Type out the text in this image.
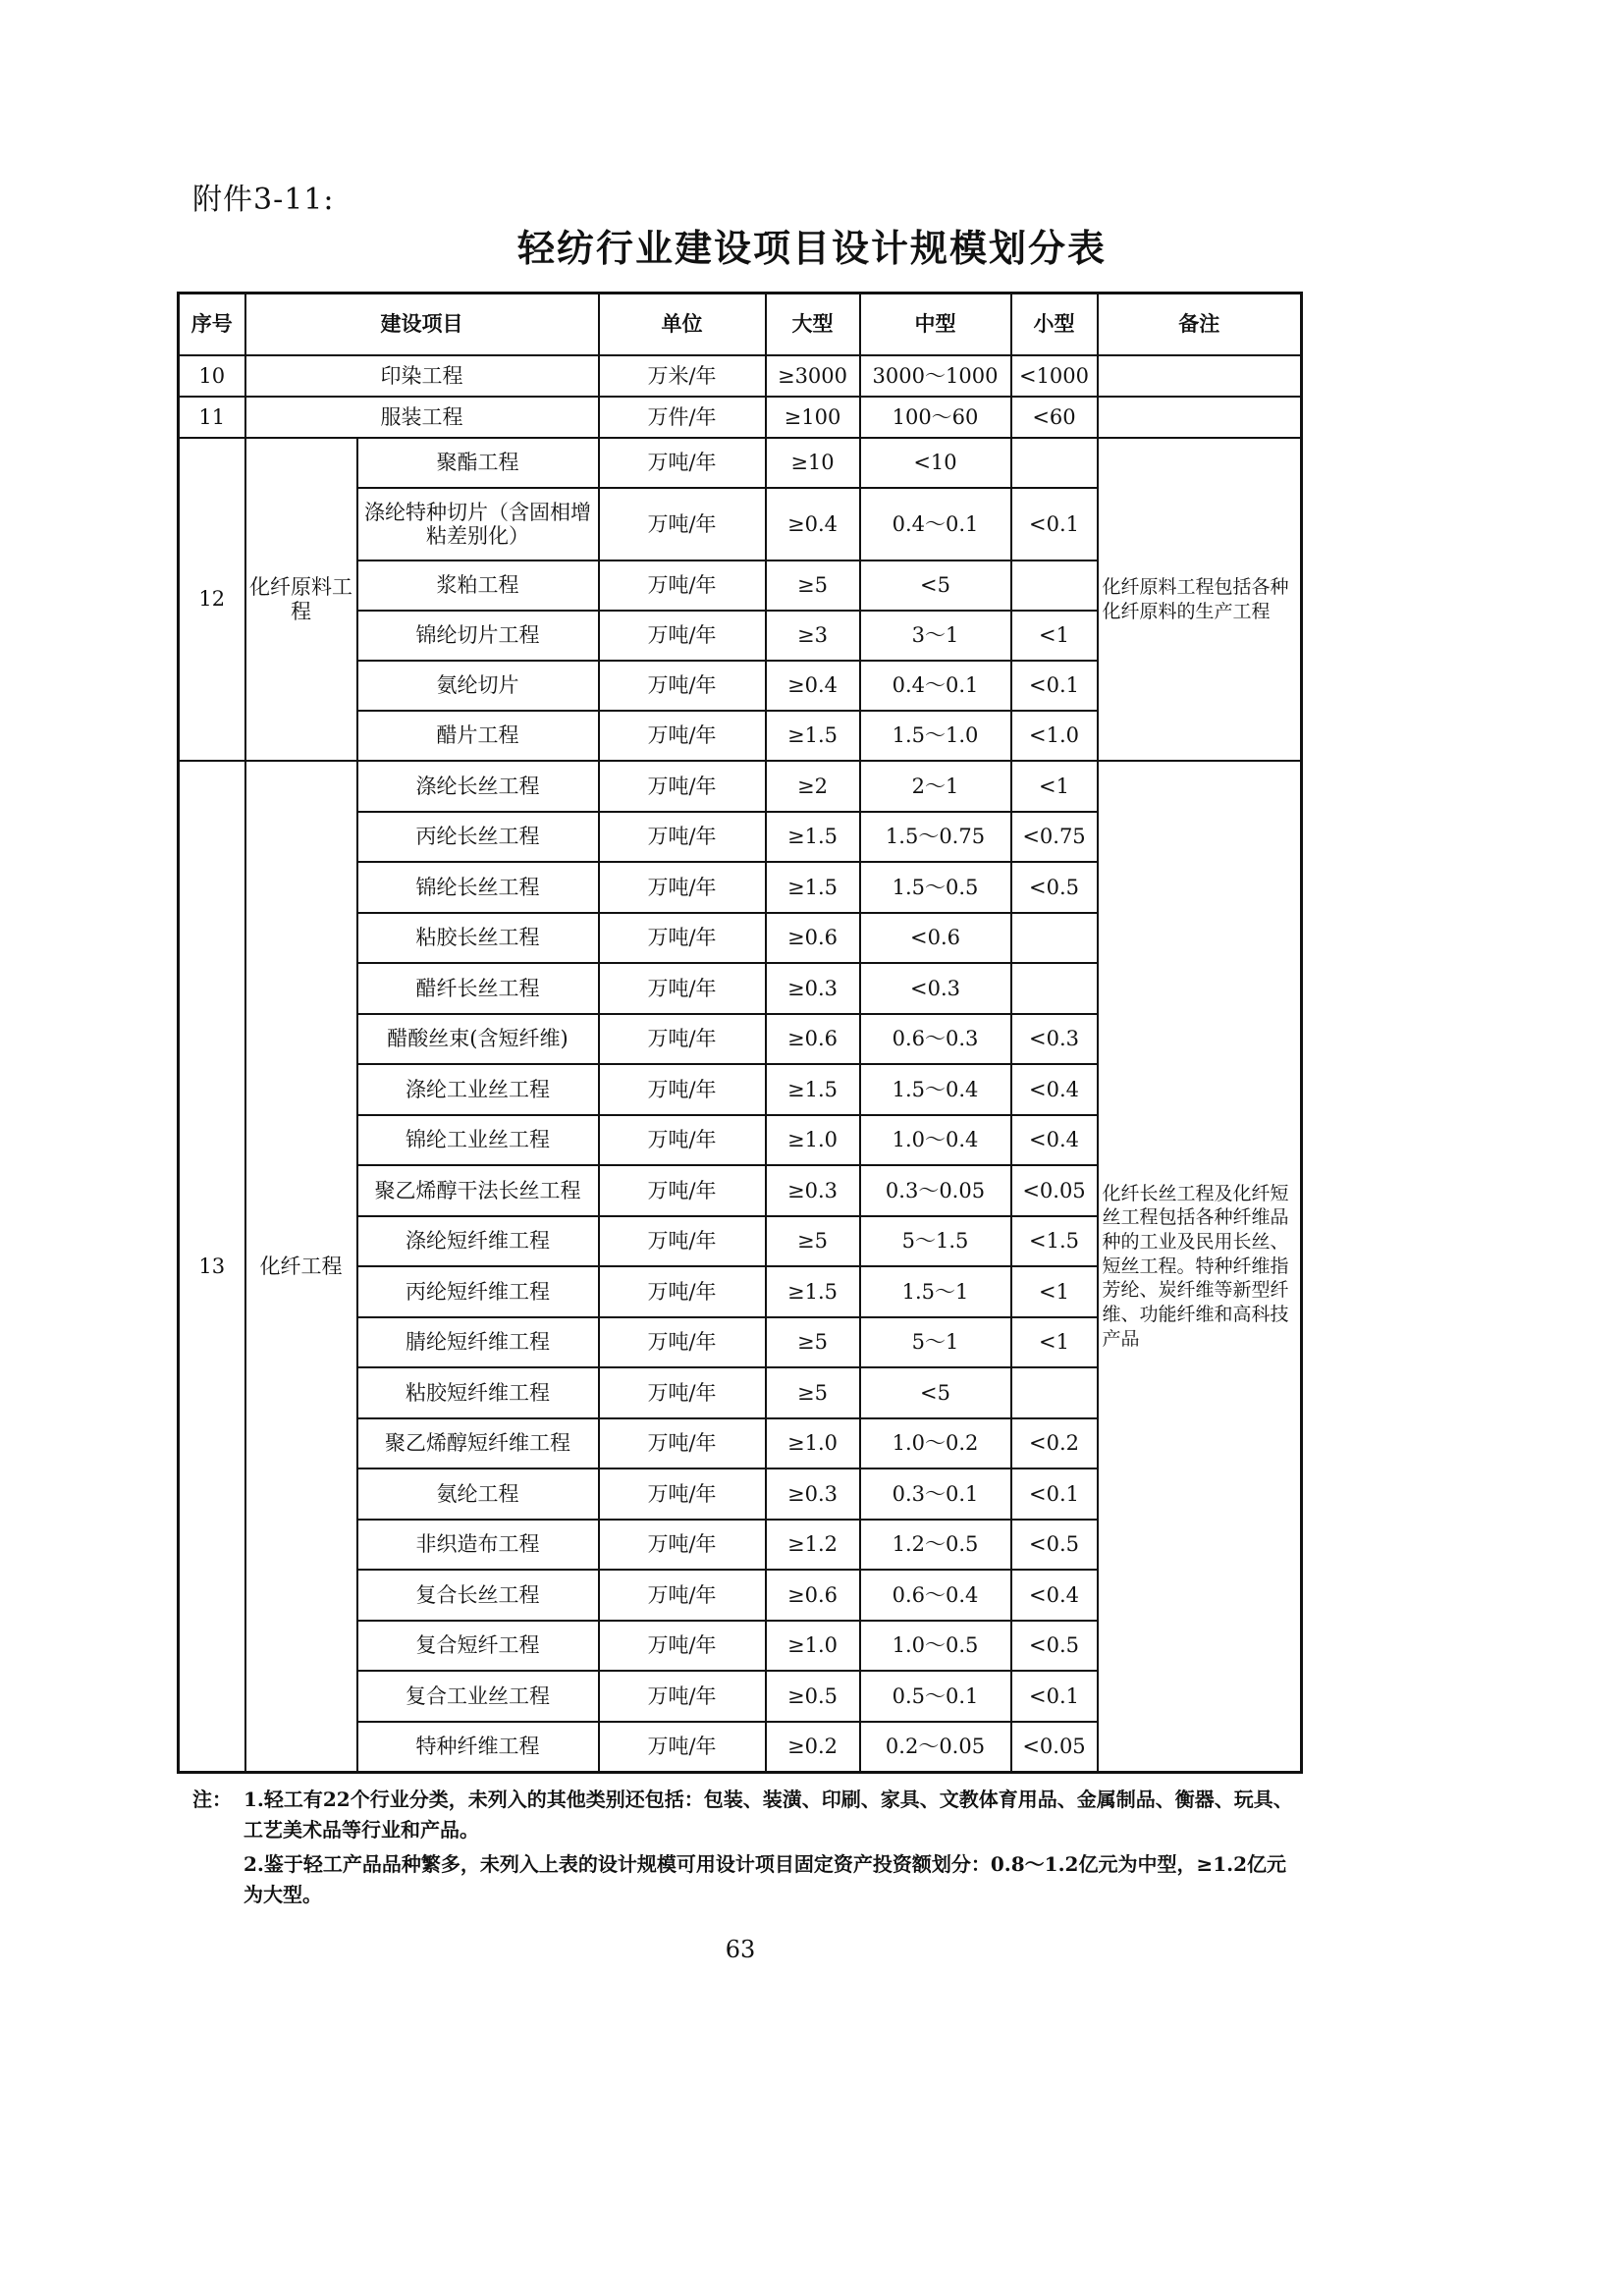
附件3-11:
轻纺行业建设项目设计规模划分表
序号	建设项目		单位	大型	中型	小型	备注
10	印染工程		万米/年	≥3000	3000～1000	<1000	
11	服装工程		万件/年	≥100	100～60	<60	
12	化纤原料工程	聚酯工程	万吨/年	≥10	<10		化纤原料工程包括各种化纤原料的生产工程
		涤纶特种切片（含固相增粘差别化）	万吨/年	≥0.4	0.4～0.1	<0.1	
		浆粕工程	万吨/年	≥5	<5		
		锦纶切片工程	万吨/年	≥3	3～1	<1	
		氨纶切片	万吨/年	≥0.4	0.4～0.1	<0.1	
		醋片工程	万吨/年	≥1.5	1.5～1.0	<1.0	
13	化纤工程	涤纶长丝工程	万吨/年	≥2	2～1	<1	化纤长丝工程及化纤短丝工程包括各种纤维品种的工业及民用长丝、短丝工程。特种纤维指芳纶、炭纤维等新型纤维、功能纤维和高科技产品
		丙纶长丝工程	万吨/年	≥1.5	1.5～0.75	<0.75	
		锦纶长丝工程	万吨/年	≥1.5	1.5～0.5	<0.5	
		粘胶长丝工程	万吨/年	≥0.6	<0.6		
		醋纤长丝工程	万吨/年	≥0.3	<0.3		
		醋酸丝束(含短纤维)	万吨/年	≥0.6	0.6～0.3	<0.3	
		涤纶工业丝工程	万吨/年	≥1.5	1.5～0.4	<0.4	
		锦纶工业丝工程	万吨/年	≥1.0	1.0～0.4	<0.4	
		聚乙烯醇干法长丝工程	万吨/年	≥0.3	0.3～0.05	<0.05	
		涤纶短纤维工程	万吨/年	≥5	5～1.5	<1.5	
		丙纶短纤维工程	万吨/年	≥1.5	1.5～1	<1	
		腈纶短纤维工程	万吨/年	≥5	5～1	<1	
		粘胶短纤维工程	万吨/年	≥5	<5		
		聚乙烯醇短纤维工程	万吨/年	≥1.0	1.0～0.2	<0.2	
		氨纶工程	万吨/年	≥0.3	0.3～0.1	<0.1	
		非织造布工程	万吨/年	≥1.2	1.2～0.5	<0.5	
		复合长丝工程	万吨/年	≥0.6	0.6～0.4	<0.4	
		复合短纤工程	万吨/年	≥1.0	1.0～0.5	<0.5	
		复合工业丝工程	万吨/年	≥0.5	0.5～0.1	<0.1	
		特种纤维工程	万吨/年	≥0.2	0.2～0.05	<0.05	
注： 1.轻工有22个行业分类，未列入的其他类别还包括：包装、装潢、印刷、家具、文教体育用品、金属制品、衡器、玩具、工艺美术品等行业和产品。
2.鉴于轻工产品品种繁多，未列入上表的设计规模可用设计项目固定资产投资额划分：0.8～1.2亿元为中型，≥1.2亿元为大型。
63
